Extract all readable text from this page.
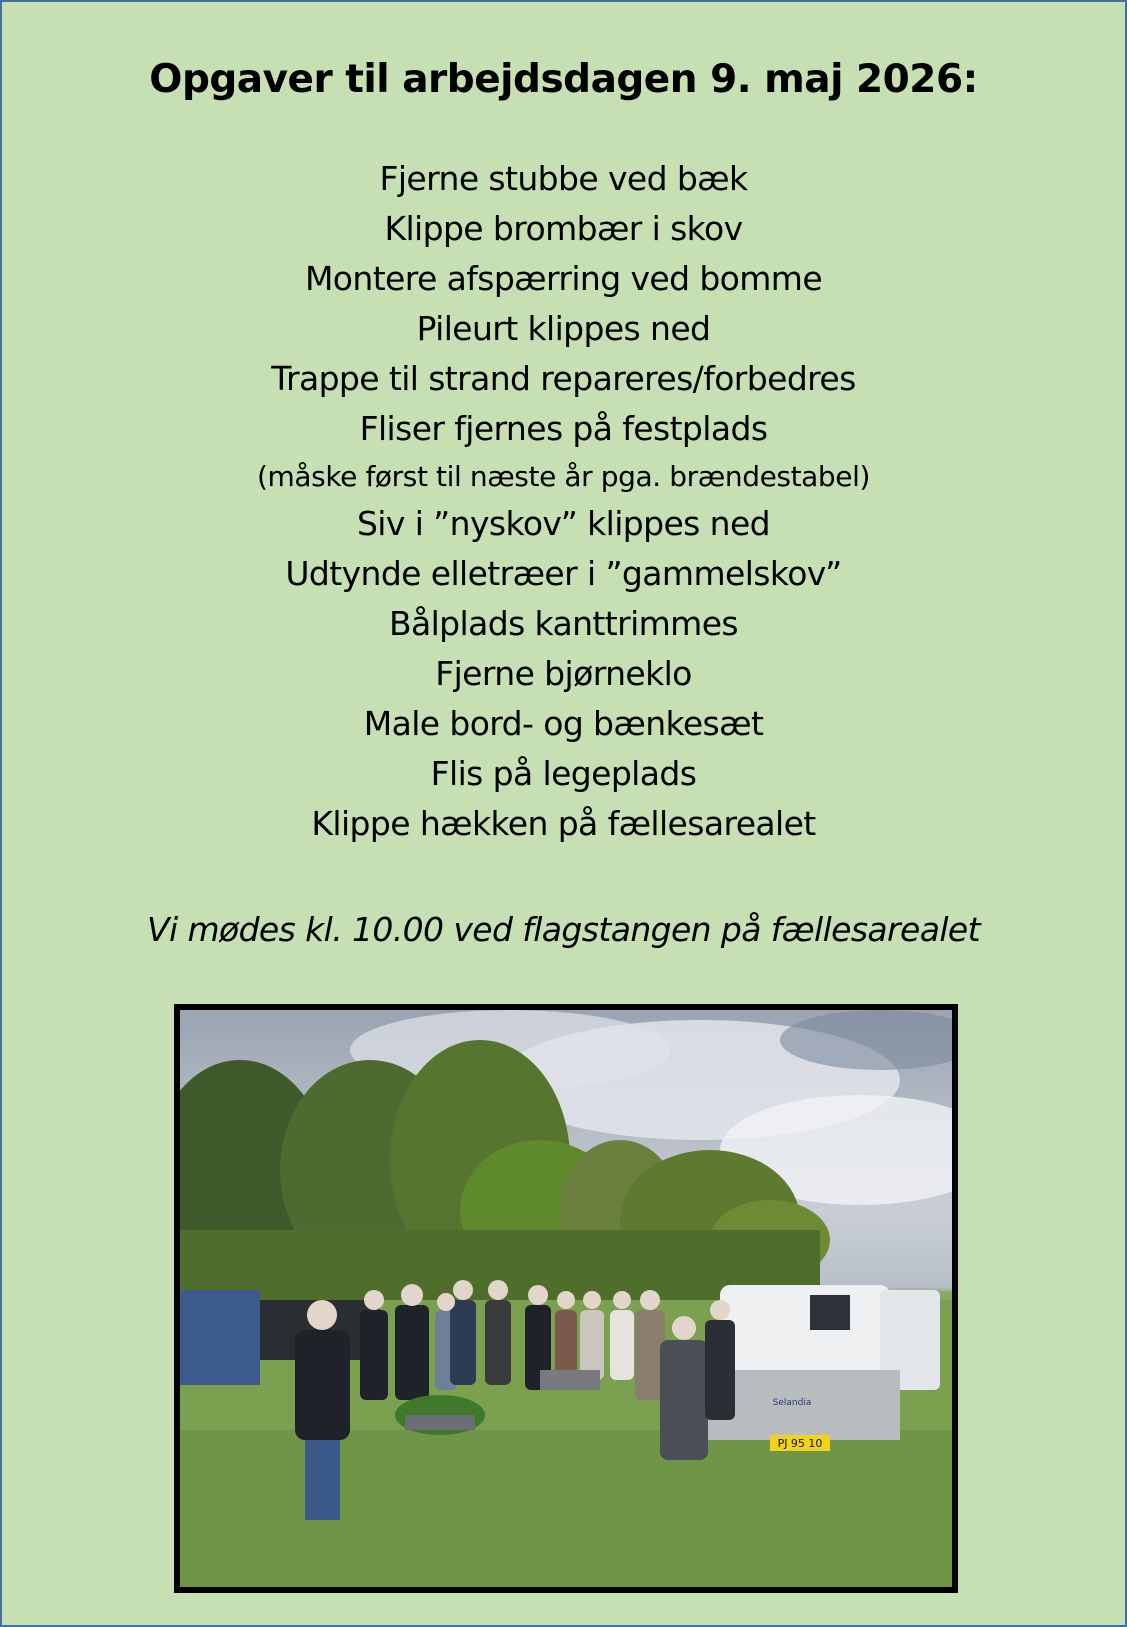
Opgaver til arbejdsdagen 9. maj 2026:
Fjerne stubbe ved bæk
Klippe brombær i skov
Montere afspærring ved bomme
Pileurt klippes ned
Trappe til strand repareres/forbedres
Fliser fjernes på festplads
(måske først til næste år pga. brændestabel)
Siv i ”nyskov” klippes ned
Udtynde elletræer i ”gammelskov”
Bålplads kanttrimmes
Fjerne bjørneklo
Male bord- og bænkesæt
Flis på legeplads
Klippe hækken på fællesarealet
Vi mødes kl. 10.00 ved flagstangen på fællesarealet
PJ 95 10
Selandia
